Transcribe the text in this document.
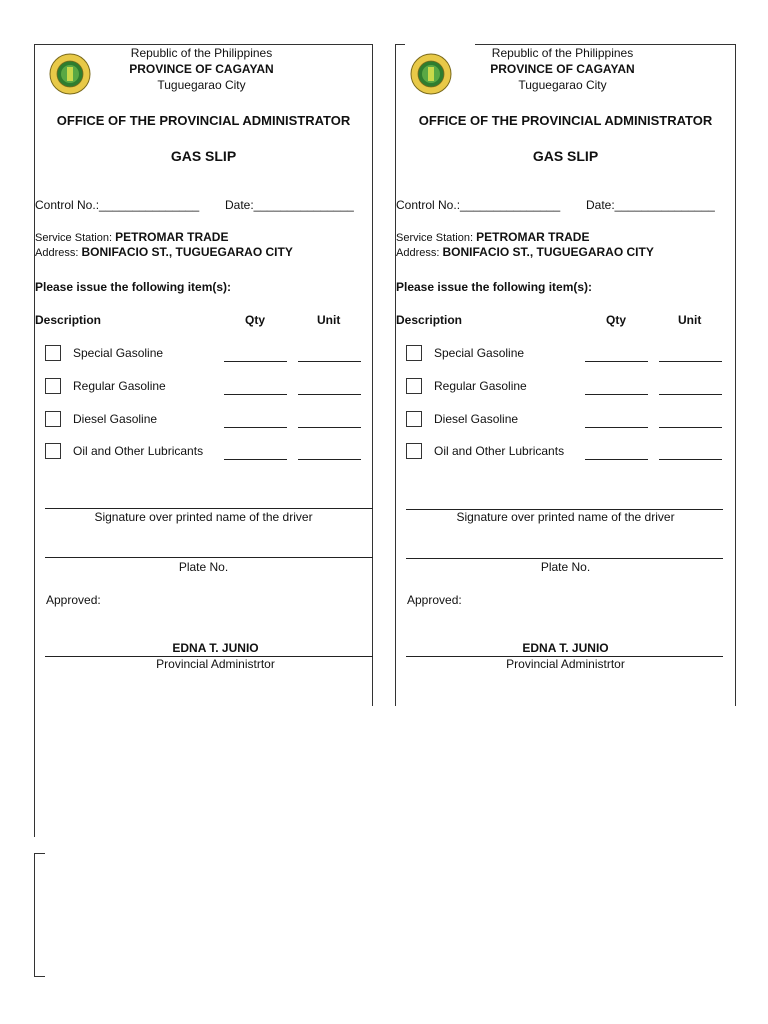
Republic of the Philippines
PROVINCE OF CAGAYAN
Tuguegarao City
OFFICE OF THE PROVINCIAL ADMINISTRATOR
GAS SLIP
Control No.:_______________ Date:_______________
Service Station: PETROMAR TRADE
Address: BONIFACIO ST., TUGUEGARAO CITY
Please issue the following item(s):
Description	Qty	Unit
Special Gasoline
Regular Gasoline
Diesel Gasoline
Oil and Other Lubricants
Signature over printed name of the driver
Plate No.
Approved:
EDNA T. JUNIO
Provincial Administrtor
Republic of the Philippines
PROVINCE OF CAGAYAN
Tuguegarao City
OFFICE OF THE PROVINCIAL ADMINISTRATOR
GAS SLIP
Control No.:_______________ Date:_______________
Service Station: PETROMAR TRADE
Address: BONIFACIO ST., TUGUEGARAO CITY
Please issue the following item(s):
Description	Qty	Unit
Special Gasoline
Regular Gasoline
Diesel Gasoline
Oil and Other Lubricants
Signature over printed name of the driver
Plate No.
Approved:
EDNA T. JUNIO
Provincial Administrtor
